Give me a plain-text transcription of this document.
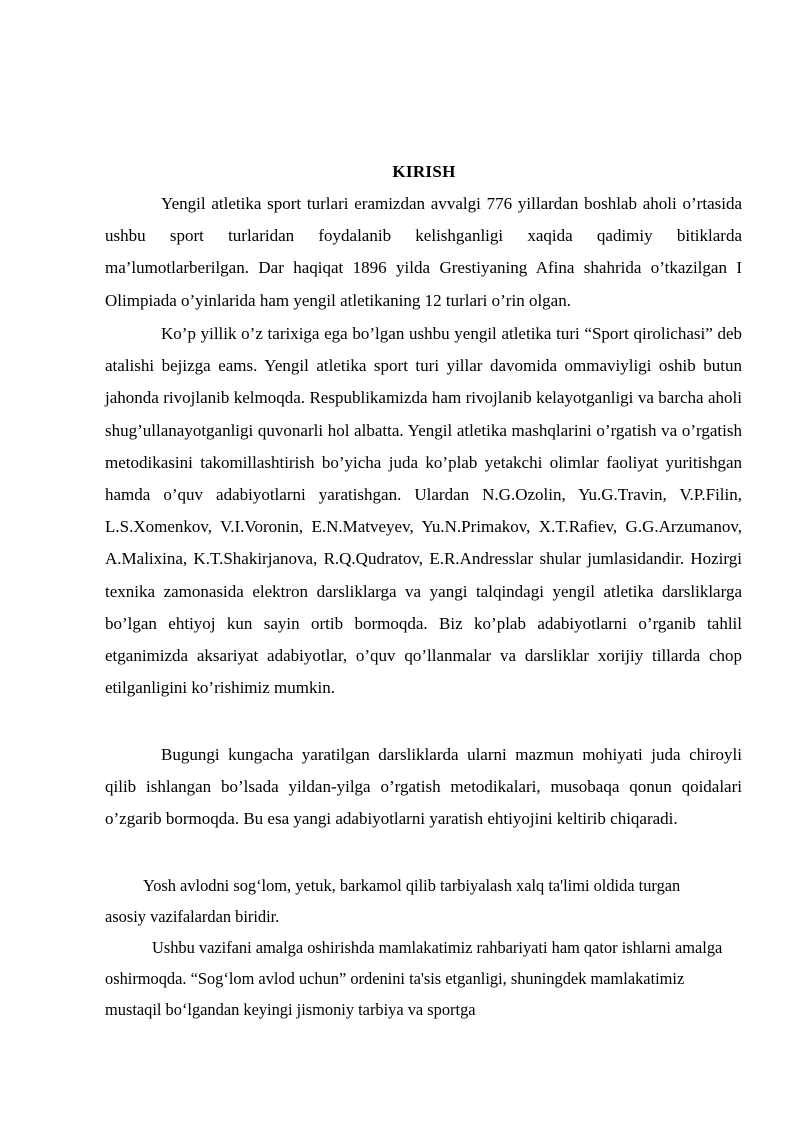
KIRISH

Yengil atletika sport turlari eramizdan avvalgi 776 yillardan boshlab aholi o’rtasida ushbu sport turlaridan foydalanib kelishganligi xaqida qadimiy bitiklarda ma’lumotlarberilgan. Dar haqiqat 1896 yilda Grestiyaning Afina shahrida o’tkazilgan I Olimpiada o’yinlarida ham yengil atletikaning 12 turlari o’rin olgan.

Ko’p yillik o’z tarixiga ega bo’lgan ushbu yengil atletika turi “Sport qirolichasi” deb atalishi bejizga eams. Yengil atletika sport turi yillar davomida ommaviyligi oshib butun jahonda rivojlanib kelmoqda. Respublikamizda ham rivojlanib kelayotganligi va barcha aholi shug’ullanayotganligi quvonarli hol albatta. Yengil atletika mashqlarini o’rgatish va o’rgatish metodikasini takomillashtirish bo’yicha juda ko’plab yetakchi olimlar faoliyat yuritishgan hamda o’quv adabiyotlarni yaratishgan. Ulardan N.G.Ozolin, Yu.G.Travin, V.P.Filin, L.S.Xomenkov, V.I.Voronin, E.N.Matveyev, Yu.N.Primakov, X.T.Rafiev, G.G.Arzumanov, A.Malixina, K.T.Shakirjanova, R.Q.Qudratov, E.R.Andresslar shular jumlasidandir. Hozirgi texnika zamonasida elektron darsliklarga va yangi talqindagi yengil atletika darsliklarga bo’lgan ehtiyoj kun sayin ortib bormoqda. Biz ko’plab adabiyotlarni o’rganib tahlil etganimizda aksariyat adabiyotlar, o’quv qo’llanmalar va darsliklar xorijiy tillarda chop etilganligini ko’rishimiz mumkin.

Bugungi kungacha yaratilgan darsliklarda ularni mazmun mohiyati juda chiroyli qilib ishlangan bo’lsada yildan-yilga o’rgatish metodikalari, musobaqa qonun qoidalari o’zgarib bormoqda. Bu esa yangi adabiyotlarni yaratish ehtiyojini keltirib chiqaradi.

Yosh avlodni sog‘lom, yetuk, barkamol qilib tarbiyalash xalq ta'limi oldida turgan asosiy vazifalardan biridir.

Ushbu vazifani amalga oshirishda mamlakatimiz rahbariyati ham qator ishlarni amalga oshirmoqda. “Sog‘lom avlod uchun” ordenini ta'sis etganligi, shuningdek mamlakatimiz mustaqil bo‘lgandan keyingi jismoniy tarbiya va sportga
